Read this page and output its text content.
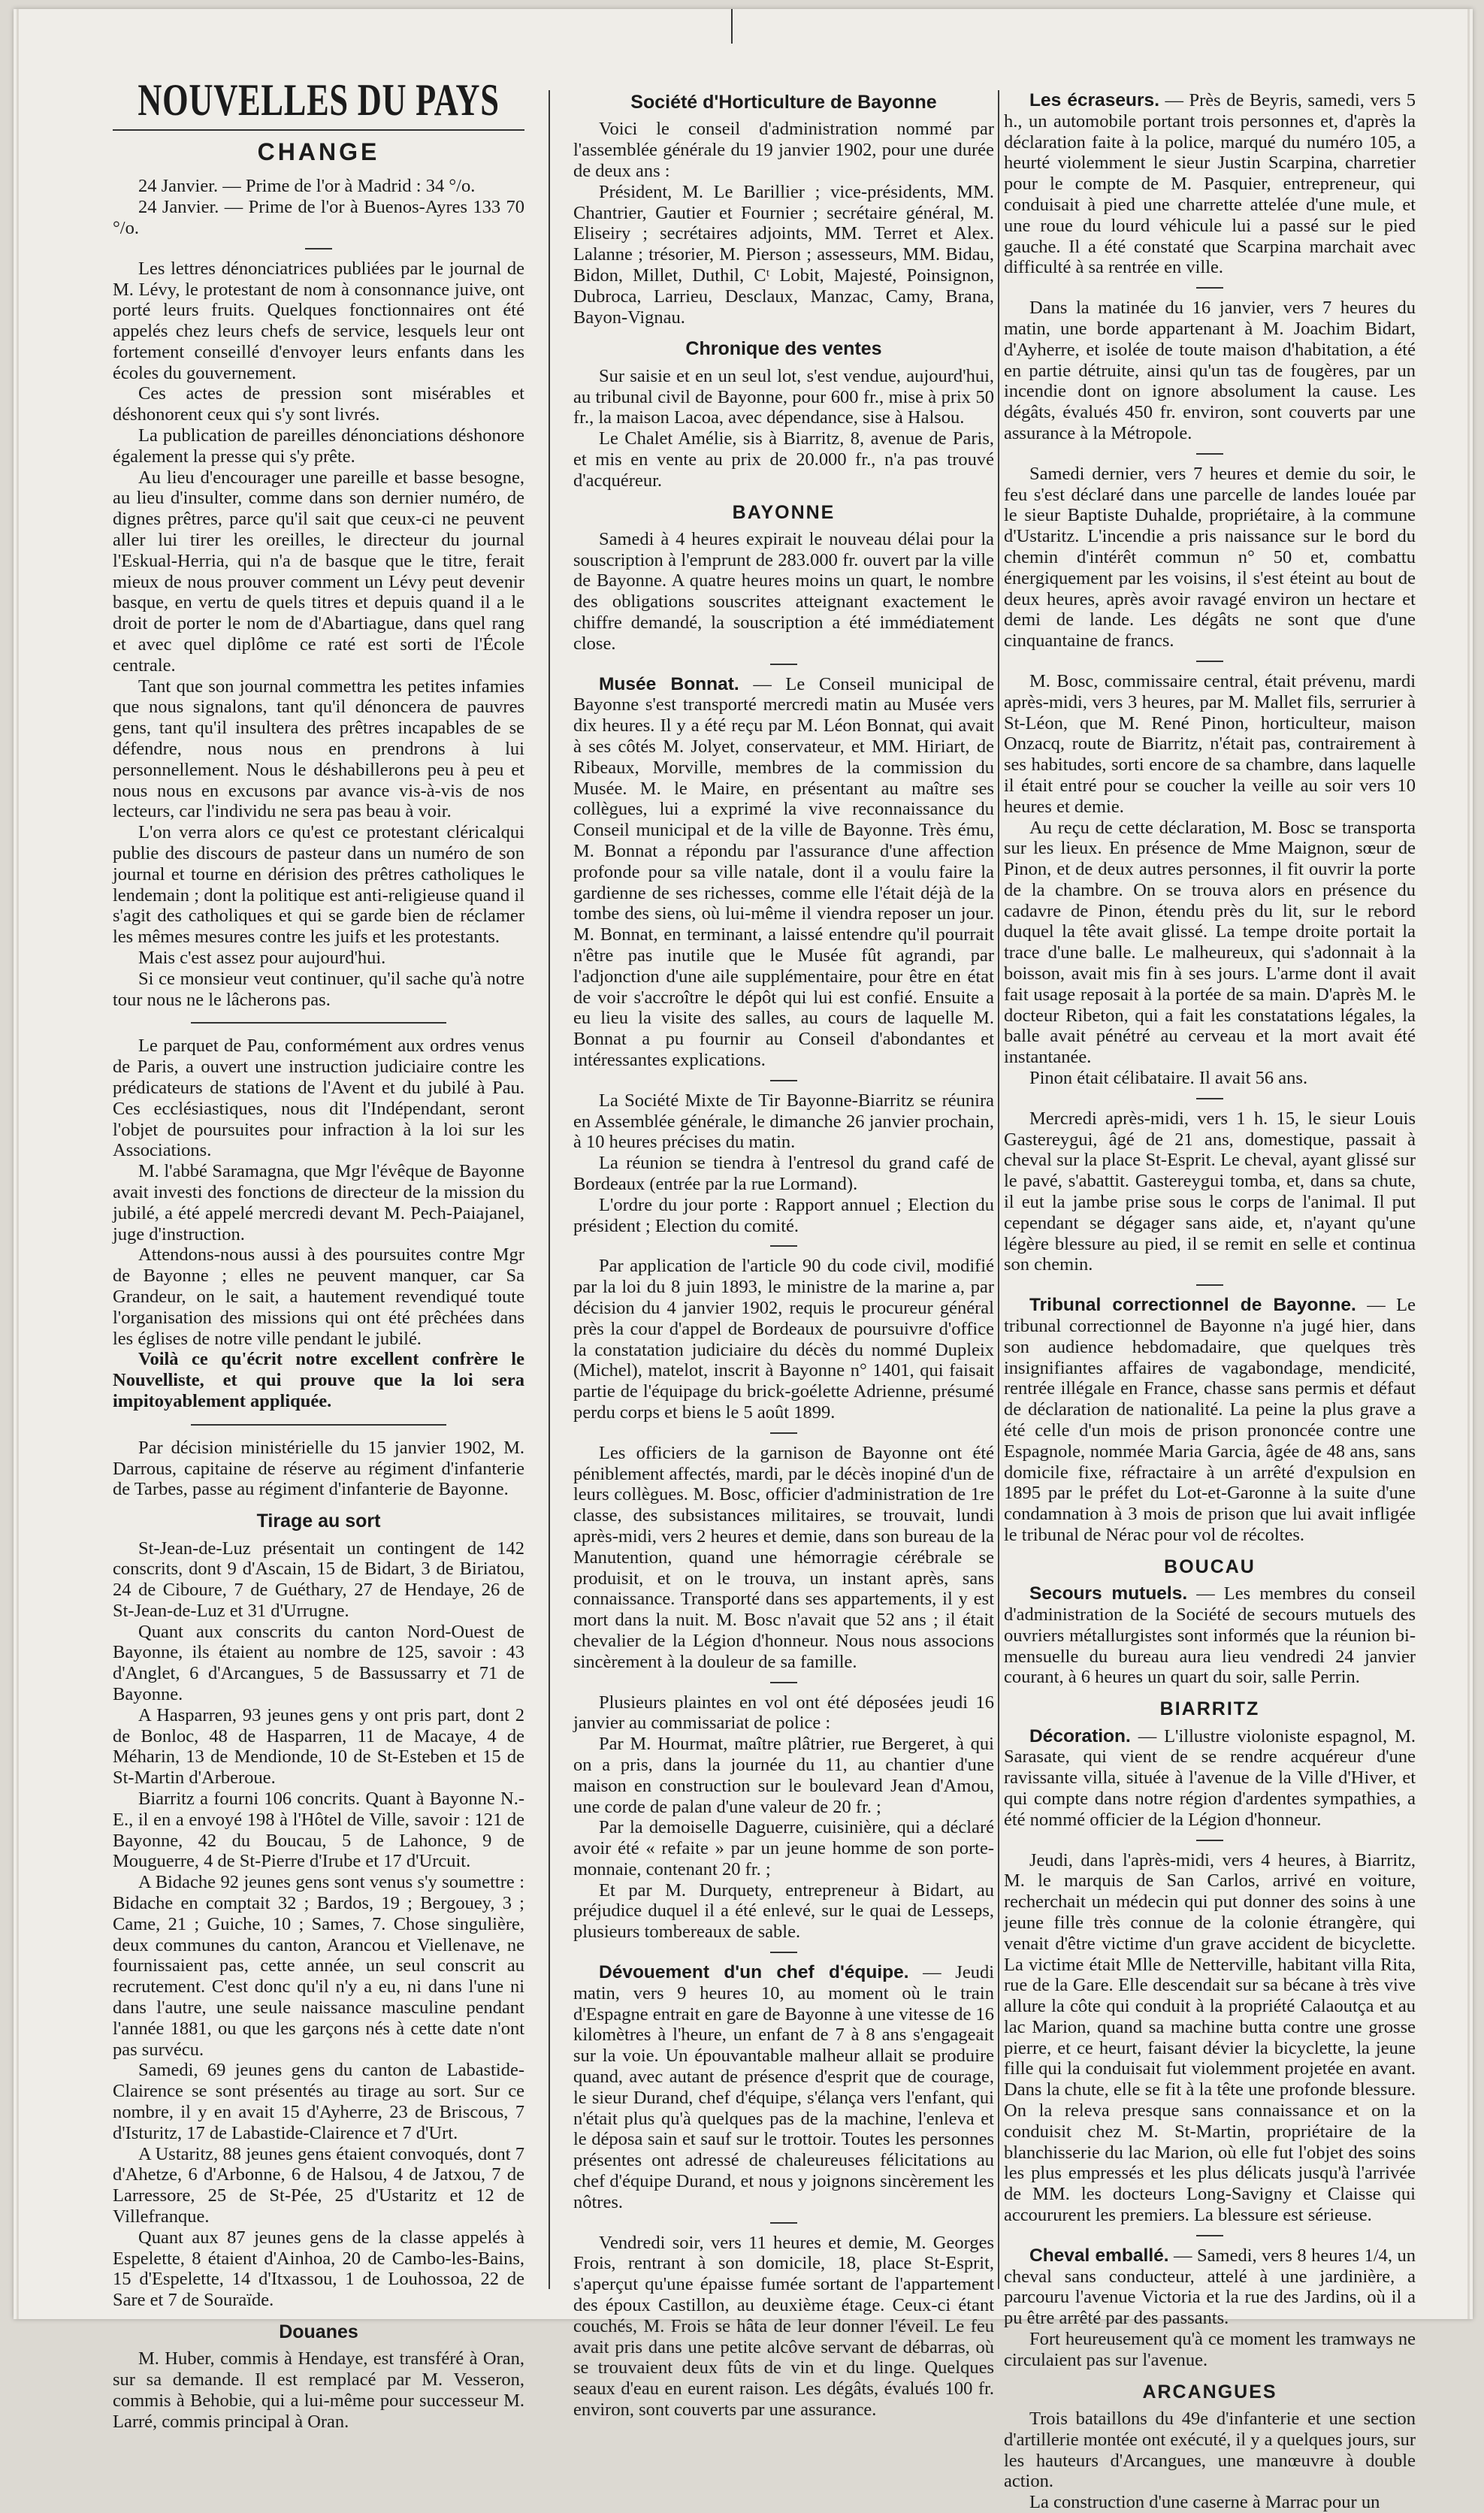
NOUVELLES DU PAYS
CHANGE

24 Janvier. — Prime de l'or à Madrid : 34 °/o.

24 Janvier. — Prime de l'or à Buenos-Ayres 133 70 °/o.

Les lettres dénonciatrices publiées par le journal de M. Lévy, le protestant de nom à consonnance juive, ont porté leurs fruits. Quelques fonctionnaires ont été appelés chez leurs chefs de service, lesquels leur ont fortement conseillé d'envoyer leurs enfants dans les écoles du gouvernement.

Ces actes de pression sont misérables et déshonorent ceux qui s'y sont livrés.

La publication de pareilles dénonciations déshonore également la presse qui s'y prête.

Au lieu d'encourager une pareille et basse besogne, au lieu d'insulter, comme dans son dernier numéro, de dignes prêtres, parce qu'il sait que ceux-ci ne peuvent aller lui tirer les oreilles, le directeur du journal l'Eskual-Herria, qui n'a de basque que le titre, ferait mieux de nous prouver comment un Lévy peut devenir basque, en vertu de quels titres et depuis quand il a le droit de porter le nom de d'Abartiague, dans quel rang et avec quel diplôme ce raté est sorti de l'École centrale.

Tant que son journal commettra les petites infamies que nous signalons, tant qu'il dénoncera de pauvres gens, tant qu'il insultera des prêtres incapables de se défendre, nous nous en prendrons à lui personnellement. Nous le déshabillerons peu à peu et nous nous en excusons par avance vis-à-vis de nos lecteurs, car l'individu ne sera pas beau à voir.

L'on verra alors ce qu'est ce protestant cléricalqui publie des discours de pasteur dans un numéro de son journal et tourne en dérision des prêtres catholiques le lendemain ; dont la politique est anti-religieuse quand il s'agit des catholiques et qui se garde bien de réclamer les mêmes mesures contre les juifs et les protestants.

Mais c'est assez pour aujourd'hui.

Si ce monsieur veut continuer, qu'il sache qu'à notre tour nous ne le lâcherons pas.

Le parquet de Pau, conformément aux ordres venus de Paris, a ouvert une instruction judiciaire contre les prédicateurs de stations de l'Avent et du jubilé à Pau. Ces ecclésiastiques, nous dit l'Indépendant, seront l'objet de poursuites pour infraction à la loi sur les Associations.

M. l'abbé Saramagna, que Mgr l'évêque de Bayonne avait investi des fonctions de directeur de la mission du jubilé, a été appelé mercredi devant M. Pech-Paiajanel, juge d'instruction.

Attendons-nous aussi à des poursuites contre Mgr de Bayonne ; elles ne peuvent manquer, car Sa Grandeur, on le sait, a hautement revendiqué toute l'organisation des missions qui ont été prêchées dans les églises de notre ville pendant le jubilé.

Voilà ce qu'écrit notre excellent confrère le Nouvelliste, et qui prouve que la loi sera impitoyablement appliquée.

Par décision ministérielle du 15 janvier 1902, M. Darrous, capitaine de réserve au régiment d'infanterie de Tarbes, passe au régiment d'infanterie de Bayonne.

Tirage au sort

St-Jean-de-Luz présentait un contingent de 142 conscrits, dont 9 d'Ascain, 15 de Bidart, 3 de Biriatou, 24 de Ciboure, 7 de Guéthary, 27 de Hendaye, 26 de St-Jean-de-Luz et 31 d'Urrugne.

Quant aux conscrits du canton Nord-Ouest de Bayonne, ils étaient au nombre de 125, savoir : 43 d'Anglet, 6 d'Arcangues, 5 de Bassussarry et 71 de Bayonne.

A Hasparren, 93 jeunes gens y ont pris part, dont 2 de Bonloc, 48 de Hasparren, 11 de Macaye, 4 de Méharin, 13 de Mendionde, 10 de St-Esteben et 15 de St-Martin d'Arberoue.

Biarritz a fourni 106 concrits. Quant à Bayonne N.-E., il en a envoyé 198 à l'Hôtel de Ville, savoir : 121 de Bayonne, 42 du Boucau, 5 de Lahonce, 9 de Mouguerre, 4 de St-Pierre d'Irube et 17 d'Urcuit.

A Bidache 92 jeunes gens sont venus s'y soumettre : Bidache en comptait 32 ; Bardos, 19 ; Bergouey, 3 ; Came, 21 ; Guiche, 10 ; Sames, 7. Chose singulière, deux communes du canton, Arancou et Viellenave, ne fournissaient pas, cette année, un seul conscrit au recrutement. C'est donc qu'il n'y a eu, ni dans l'une ni dans l'autre, une seule naissance masculine pendant l'année 1881, ou que les garçons nés à cette date n'ont pas survécu.

Samedi, 69 jeunes gens du canton de Labastide-Clairence se sont présentés au tirage au sort. Sur ce nombre, il y en avait 15 d'Ayherre, 23 de Briscous, 7 d'Isturitz, 17 de Labastide-Clairence et 7 d'Urt.

A Ustaritz, 88 jeunes gens étaient convoqués, dont 7 d'Ahetze, 6 d'Arbonne, 6 de Halsou, 4 de Jatxou, 7 de Larressore, 25 de St-Pée, 25 d'Ustaritz et 12 de Villefranque.

Quant aux 87 jeunes gens de la classe appelés à Espelette, 8 étaient d'Ainhoa, 20 de Cambo-les-Bains, 15 d'Espelette, 14 d'Itxassou, 1 de Louhossoa, 22 de Sare et 7 de Souraïde.

Douanes

M. Huber, commis à Hendaye, est transféré à Oran, sur sa demande. Il est remplacé par M. Vesseron, commis à Behobie, qui a lui-même pour successeur M. Larré, commis principal à Oran.

Société d'Horticulture de Bayonne

Voici le conseil d'administration nommé par l'assemblée générale du 19 janvier 1902, pour une durée de deux ans :

Président, M. Le Barillier ; vice-présidents, MM. Chantrier, Gautier et Fournier ; secrétaire général, M. Eliseiry ; secrétaires adjoints, MM. Terret et Alex. Lalanne ; trésorier, M. Pierson ; assesseurs, MM. Bidau, Bidon, Millet, Duthil, Cᵗ Lobit, Majesté, Poinsignon, Dubroca, Larrieu, Desclaux, Manzac, Camy, Brana, Bayon-Vignau.

Chronique des ventes

Sur saisie et en un seul lot, s'est vendue, aujourd'hui, au tribunal civil de Bayonne, pour 600 fr., mise à prix 50 fr., la maison Lacoa, avec dépendance, sise à Halsou.

Le Chalet Amélie, sis à Biarritz, 8, avenue de Paris, et mis en vente au prix de 20.000 fr., n'a pas trouvé d'acquéreur.

BAYONNE

Samedi à 4 heures expirait le nouveau délai pour la souscription à l'emprunt de 283.000 fr. ouvert par la ville de Bayonne. A quatre heures moins un quart, le nombre des obligations souscrites atteignant exactement le chiffre demandé, la souscription a été immédiatement close.

Musée Bonnat. — Le Conseil municipal de Bayonne s'est transporté mercredi matin au Musée vers dix heures. Il y a été reçu par M. Léon Bonnat, qui avait à ses côtés M. Jolyet, conservateur, et MM. Hiriart, de Ribeaux, Morville, membres de la commission du Musée. M. le Maire, en présentant au maître ses collègues, lui a exprimé la vive reconnaissance du Conseil municipal et de la ville de Bayonne. Très ému, M. Bonnat a répondu par l'assurance d'une affection profonde pour sa ville natale, dont il a voulu faire la gardienne de ses richesses, comme elle l'était déjà de la tombe des siens, où lui-même il viendra reposer un jour. M. Bonnat, en terminant, a laissé entendre qu'il pourrait n'être pas inutile que le Musée fût agrandi, par l'adjonction d'une aile supplémentaire, pour être en état de voir s'accroître le dépôt qui lui est confié. Ensuite a eu lieu la visite des salles, au cours de laquelle M. Bonnat a pu fournir au Conseil d'abondantes et intéressantes explications.

La Société Mixte de Tir Bayonne-Biarritz se réunira en Assemblée générale, le dimanche 26 janvier prochain, à 10 heures précises du matin.

La réunion se tiendra à l'entresol du grand café de Bordeaux (entrée par la rue Lormand).

L'ordre du jour porte : Rapport annuel ; Election du président ; Election du comité.

Par application de l'article 90 du code civil, modifié par la loi du 8 juin 1893, le ministre de la marine a, par décision du 4 janvier 1902, requis le procureur général près la cour d'appel de Bordeaux de poursuivre d'office la constatation judiciaire du décès du nommé Dupleix (Michel), matelot, inscrit à Bayonne n° 1401, qui faisait partie de l'équipage du brick-goélette Adrienne, présumé perdu corps et biens le 5 août 1899.

Les officiers de la garnison de Bayonne ont été péniblement affectés, mardi, par le décès inopiné d'un de leurs collègues. M. Bosc, officier d'administration de 1re classe, des subsistances militaires, se trouvait, lundi après-midi, vers 2 heures et demie, dans son bureau de la Manutention, quand une hémorragie cérébrale se produisit, et on le trouva, un instant après, sans connaissance. Transporté dans ses appartements, il y est mort dans la nuit. M. Bosc n'avait que 52 ans ; il était chevalier de la Légion d'honneur. Nous nous associons sincèrement à la douleur de sa famille.

Plusieurs plaintes en vol ont été déposées jeudi 16 janvier au commissariat de police :

Par M. Hourmat, maître plâtrier, rue Bergeret, à qui on a pris, dans la journée du 11, au chantier d'une maison en construction sur le boulevard Jean d'Amou, une corde de palan d'une valeur de 20 fr. ;

Par la demoiselle Daguerre, cuisinière, qui a déclaré avoir été « refaite » par un jeune homme de son porte-monnaie, contenant 20 fr. ;

Et par M. Durquety, entrepreneur à Bidart, au préjudice duquel il a été enlevé, sur le quai de Lesseps, plusieurs tombereaux de sable.

Dévouement d'un chef d'équipe. — Jeudi matin, vers 9 heures 10, au moment où le train d'Espagne entrait en gare de Bayonne à une vitesse de 16 kilomètres à l'heure, un enfant de 7 à 8 ans s'engageait sur la voie. Un épouvantable malheur allait se produire quand, avec autant de présence d'esprit que de courage, le sieur Durand, chef d'équipe, s'élança vers l'enfant, qui n'était plus qu'à quelques pas de la machine, l'enleva et le déposa sain et sauf sur le trottoir. Toutes les personnes présentes ont adressé de chaleureuses félicitations au chef d'équipe Durand, et nous y joignons sincèrement les nôtres.

Vendredi soir, vers 11 heures et demie, M. Georges Frois, rentrant à son domicile, 18, place St-Esprit, s'aperçut qu'une épaisse fumée sortant de l'appartement des époux Castillon, au deuxième étage. Ceux-ci étant couchés, M. Frois se hâta de leur donner l'éveil. Le feu avait pris dans une petite alcôve servant de débarras, où se trouvaient deux fûts de vin et du linge. Quelques seaux d'eau en eurent raison. Les dégâts, évalués 100 fr. environ, sont couverts par une assurance.

Les écraseurs. — Près de Beyris, samedi, vers 5 h., un automobile portant trois personnes et, d'après la déclaration faite à la police, marqué du numéro 105, a heurté violemment le sieur Justin Scarpina, charretier pour le compte de M. Pasquier, entrepreneur, qui conduisait à pied une charrette attelée d'une mule, et une roue du lourd véhicule lui a passé sur le pied gauche. Il a été constaté que Scarpina marchait avec difficulté à sa rentrée en ville.

Dans la matinée du 16 janvier, vers 7 heures du matin, une borde appartenant à M. Joachim Bidart, d'Ayherre, et isolée de toute maison d'habitation, a été en partie détruite, ainsi qu'un tas de fougères, par un incendie dont on ignore absolument la cause. Les dégâts, évalués 450 fr. environ, sont couverts par une assurance à la Métropole.

Samedi dernier, vers 7 heures et demie du soir, le feu s'est déclaré dans une parcelle de landes louée par le sieur Baptiste Duhalde, propriétaire, à la commune d'Ustaritz. L'incendie a pris naissance sur le bord du chemin d'intérêt commun n° 50 et, combattu énergiquement par les voisins, il s'est éteint au bout de deux heures, après avoir ravagé environ un hectare et demi de lande. Les dégâts ne sont que d'une cinquantaine de francs.

M. Bosc, commissaire central, était prévenu, mardi après-midi, vers 3 heures, par M. Mallet fils, serrurier à St-Léon, que M. René Pinon, horticulteur, maison Onzacq, route de Biarritz, n'était pas, contrairement à ses habitudes, sorti encore de sa chambre, dans laquelle il était entré pour se coucher la veille au soir vers 10 heures et demie.

Au reçu de cette déclaration, M. Bosc se transporta sur les lieux. En présence de Mme Maignon, sœur de Pinon, et de deux autres personnes, il fit ouvrir la porte de la chambre. On se trouva alors en présence du cadavre de Pinon, étendu près du lit, sur le rebord duquel la tête avait glissé. La tempe droite portait la trace d'une balle. Le malheureux, qui s'adonnait à la boisson, avait mis fin à ses jours. L'arme dont il avait fait usage reposait à la portée de sa main. D'après M. le docteur Ribeton, qui a fait les constatations légales, la balle avait pénétré au cerveau et la mort avait été instantanée.

Pinon était célibataire. Il avait 56 ans.

Mercredi après-midi, vers 1 h. 15, le sieur Louis Gastereygui, âgé de 21 ans, domestique, passait à cheval sur la place St-Esprit. Le cheval, ayant glissé sur le pavé, s'abattit. Gastereygui tomba, et, dans sa chute, il eut la jambe prise sous le corps de l'animal. Il put cependant se dégager sans aide, et, n'ayant qu'une légère blessure au pied, il se remit en selle et continua son chemin.

Tribunal correctionnel de Bayonne. — Le tribunal correctionnel de Bayonne n'a jugé hier, dans son audience hebdomadaire, que quelques très insignifiantes affaires de vagabondage, mendicité, rentrée illégale en France, chasse sans permis et défaut de déclaration de nationalité. La peine la plus grave a été celle d'un mois de prison prononcée contre une Espagnole, nommée Maria Garcia, âgée de 48 ans, sans domicile fixe, réfractaire à un arrêté d'expulsion en 1895 par le préfet du Lot-et-Garonne à la suite d'une condamnation à 3 mois de prison que lui avait infligée le tribunal de Nérac pour vol de récoltes.

BOUCAU

Secours mutuels. — Les membres du conseil d'administration de la Société de secours mutuels des ouvriers métallurgistes sont informés que la réunion bi-mensuelle du bureau aura lieu vendredi 24 janvier courant, à 6 heures un quart du soir, salle Perrin.

BIARRITZ

Décoration. — L'illustre violoniste espagnol, M. Sarasate, qui vient de se rendre acquéreur d'une ravissante villa, située à l'avenue de la Ville d'Hiver, et qui compte dans notre région d'ardentes sympathies, a été nommé officier de la Légion d'honneur.

Jeudi, dans l'après-midi, vers 4 heures, à Biarritz, M. le marquis de San Carlos, arrivé en voiture, recherchait un médecin qui put donner des soins à une jeune fille très connue de la colonie étrangère, qui venait d'être victime d'un grave accident de bicyclette. La victime était Mlle de Netterville, habitant villa Rita, rue de la Gare. Elle descendait sur sa bécane à très vive allure la côte qui conduit à la propriété Calaoutça et au lac Marion, quand sa machine butta contre une grosse pierre, et ce heurt, faisant dévier la bicyclette, la jeune fille qui la conduisait fut violemment projetée en avant. Dans la chute, elle se fit à la tête une profonde blessure. On la releva presque sans connaissance et on la conduisit chez M. St-Martin, propriétaire de la blanchisserie du lac Marion, où elle fut l'objet des soins les plus empressés et les plus délicats jusqu'à l'arrivée de MM. les docteurs Long-Savigny et Claisse qui accoururent les premiers. La blessure est sérieuse.

Cheval emballé. — Samedi, vers 8 heures 1/4, un cheval sans conducteur, attelé à une jardinière, a parcouru l'avenue Victoria et la rue des Jardins, où il a pu être arrêté par des passants.

Fort heureusement qu'à ce moment les tramways ne circulaient pas sur l'avenue.

ARCANGUES

Trois bataillons du 49e d'infanterie et une section d'artillerie montée ont exécuté, il y a quelques jours, sur les hauteurs d'Arcangues, une manœuvre à double action.

La construction d'une caserne à Marrac pour un
